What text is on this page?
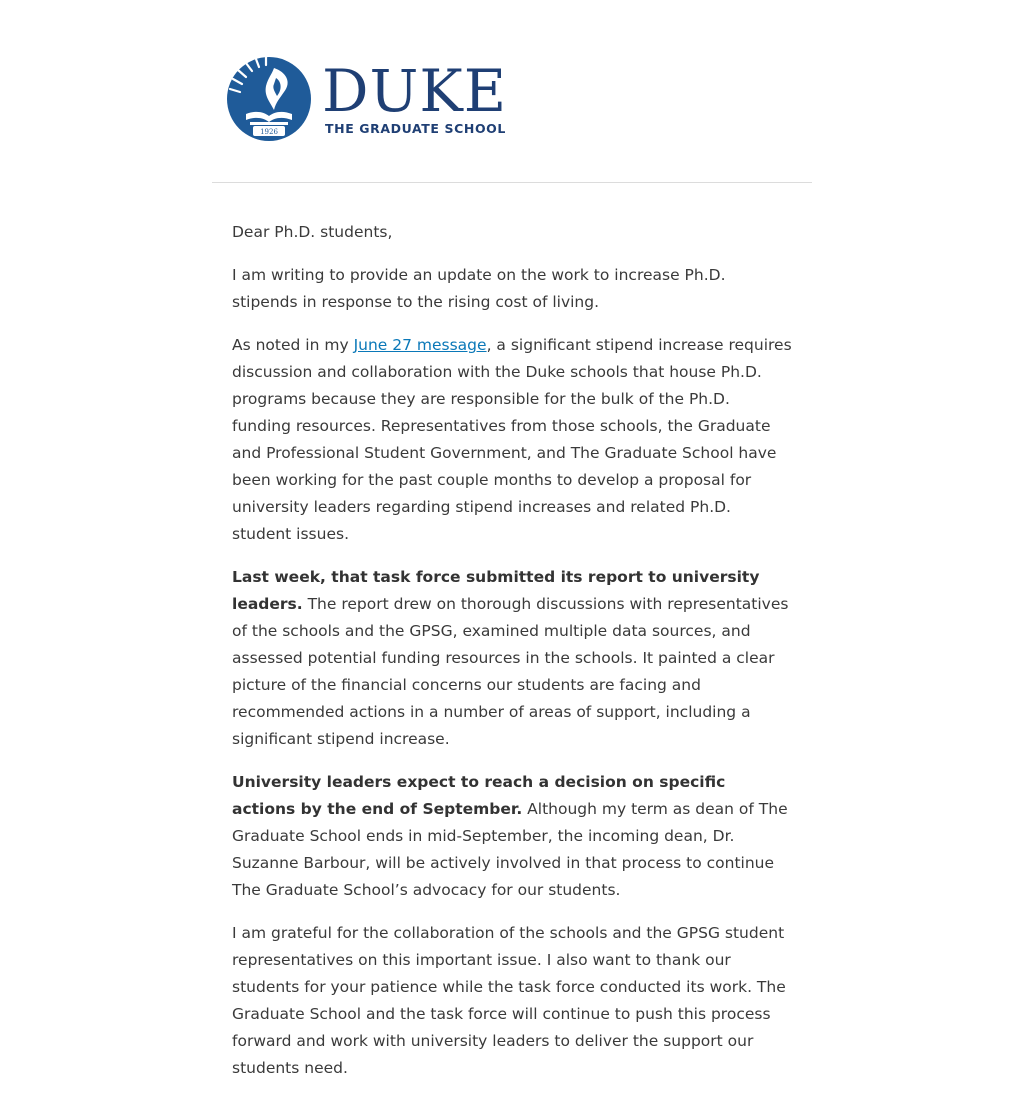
1926
DUKE
THE GRADUATE SCHOOL

Dear Ph.D. students,

I am writing to provide an update on the work to increase Ph.D. stipends in response to the rising cost of living.

As noted in my June 27 message, a significant stipend increase requires discussion and collaboration with the Duke schools that house Ph.D. programs because they are responsible for the bulk of the Ph.D. funding resources. Representatives from those schools, the Graduate and Professional Student Government, and The Graduate School have been working for the past couple months to develop a proposal for university leaders regarding stipend increases and related Ph.D. student issues.

Last week, that task force submitted its report to university leaders. The report drew on thorough discussions with representatives of the schools and the GPSG, examined multiple data sources, and assessed potential funding resources in the schools. It painted a clear picture of the financial concerns our students are facing and recommended actions in a number of areas of support, including a significant stipend increase.

University leaders expect to reach a decision on specific actions by the end of September. Although my term as dean of The Graduate School ends in mid-September, the incoming dean, Dr. Suzanne Barbour, will be actively involved in that process to continue The Graduate School’s advocacy for our students.

I am grateful for the collaboration of the schools and the GPSG student representatives on this important issue. I also want to thank our students for your patience while the task force conducted its work. The Graduate School and the task force will continue to push this process forward and work with university leaders to deliver the support our students need.
